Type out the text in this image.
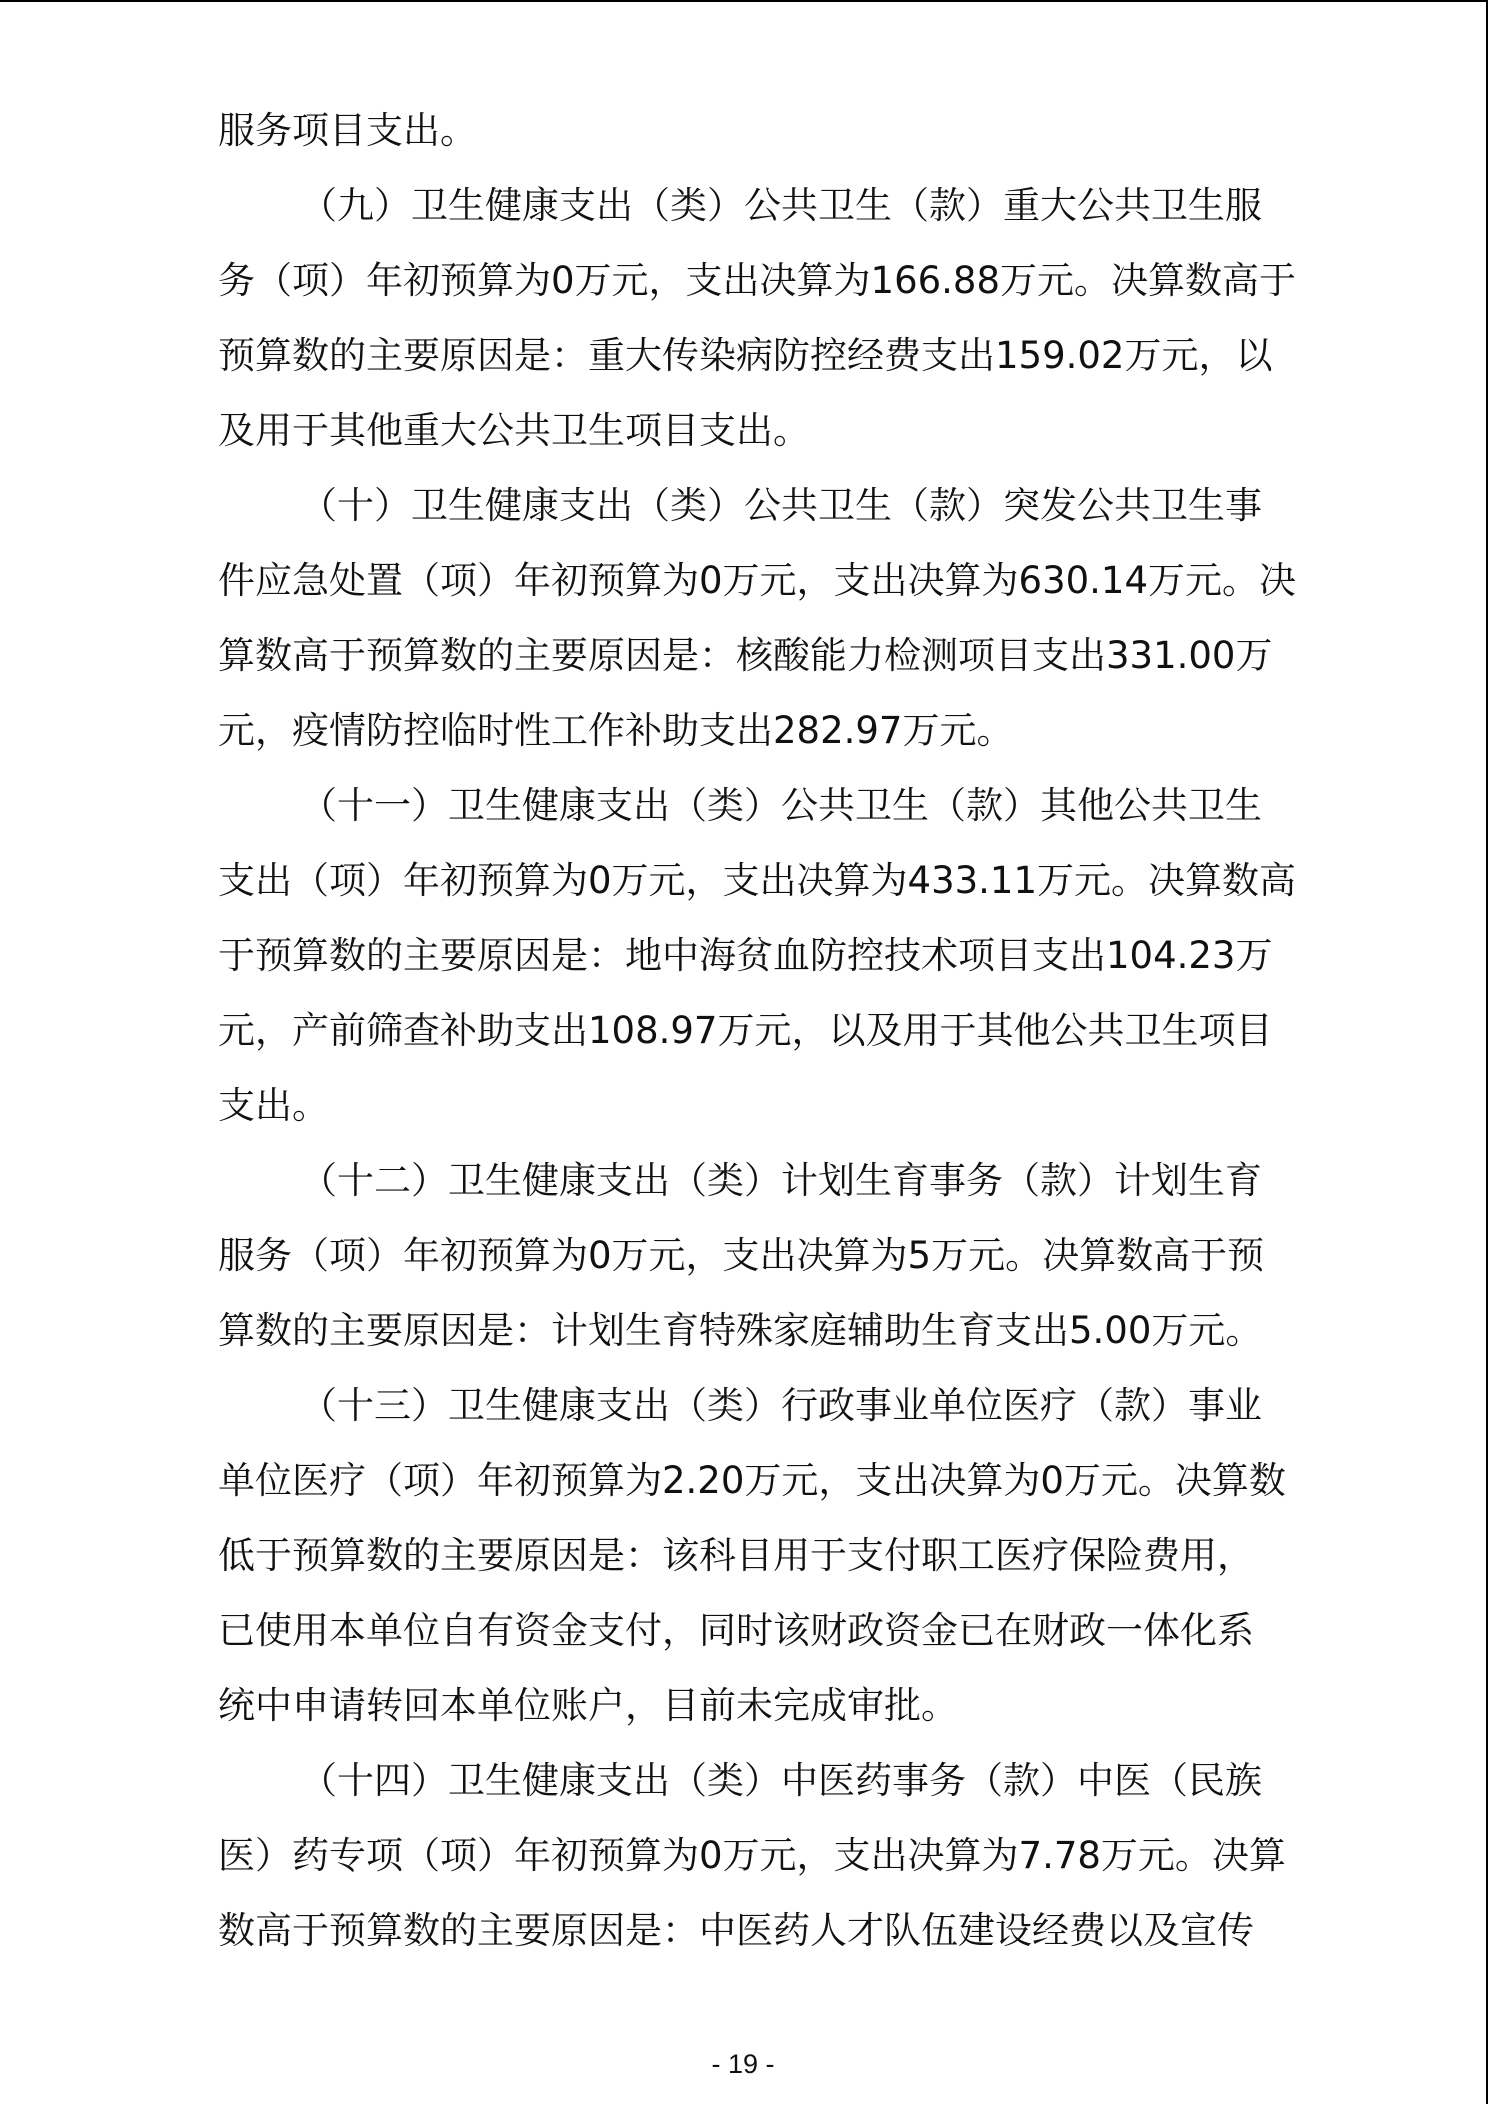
服务项目支出。

（九）卫生健康支出（类）公共卫生（款）重大公共卫生服

务（项）年初预算为0万元，支出决算为166.88万元。决算数高于

预算数的主要原因是：重大传染病防控经费支出159.02万元，以

及用于其他重大公共卫生项目支出。

（十）卫生健康支出（类）公共卫生（款）突发公共卫生事

件应急处置（项）年初预算为0万元，支出决算为630.14万元。决

算数高于预算数的主要原因是：核酸能力检测项目支出331.00万

元，疫情防控临时性工作补助支出282.97万元。

（十一）卫生健康支出（类）公共卫生（款）其他公共卫生

支出（项）年初预算为0万元，支出决算为433.11万元。决算数高

于预算数的主要原因是：地中海贫血防控技术项目支出104.23万

元，产前筛查补助支出108.97万元，以及用于其他公共卫生项目

支出。

（十二）卫生健康支出（类）计划生育事务（款）计划生育

服务（项）年初预算为0万元，支出决算为5万元。决算数高于预

算数的主要原因是：计划生育特殊家庭辅助生育支出5.00万元。

（十三）卫生健康支出（类）行政事业单位医疗（款）事业

单位医疗（项）年初预算为2.20万元，支出决算为0万元。决算数

低于预算数的主要原因是：该科目用于支付职工医疗保险费用，

已使用本单位自有资金支付，同时该财政资金已在财政一体化系

统中申请转回本单位账户，目前未完成审批。

（十四）卫生健康支出（类）中医药事务（款）中医（民族

医）药专项（项）年初预算为0万元，支出决算为7.78万元。决算

数高于预算数的主要原因是：中医药人才队伍建设经费以及宣传

- 19 -
